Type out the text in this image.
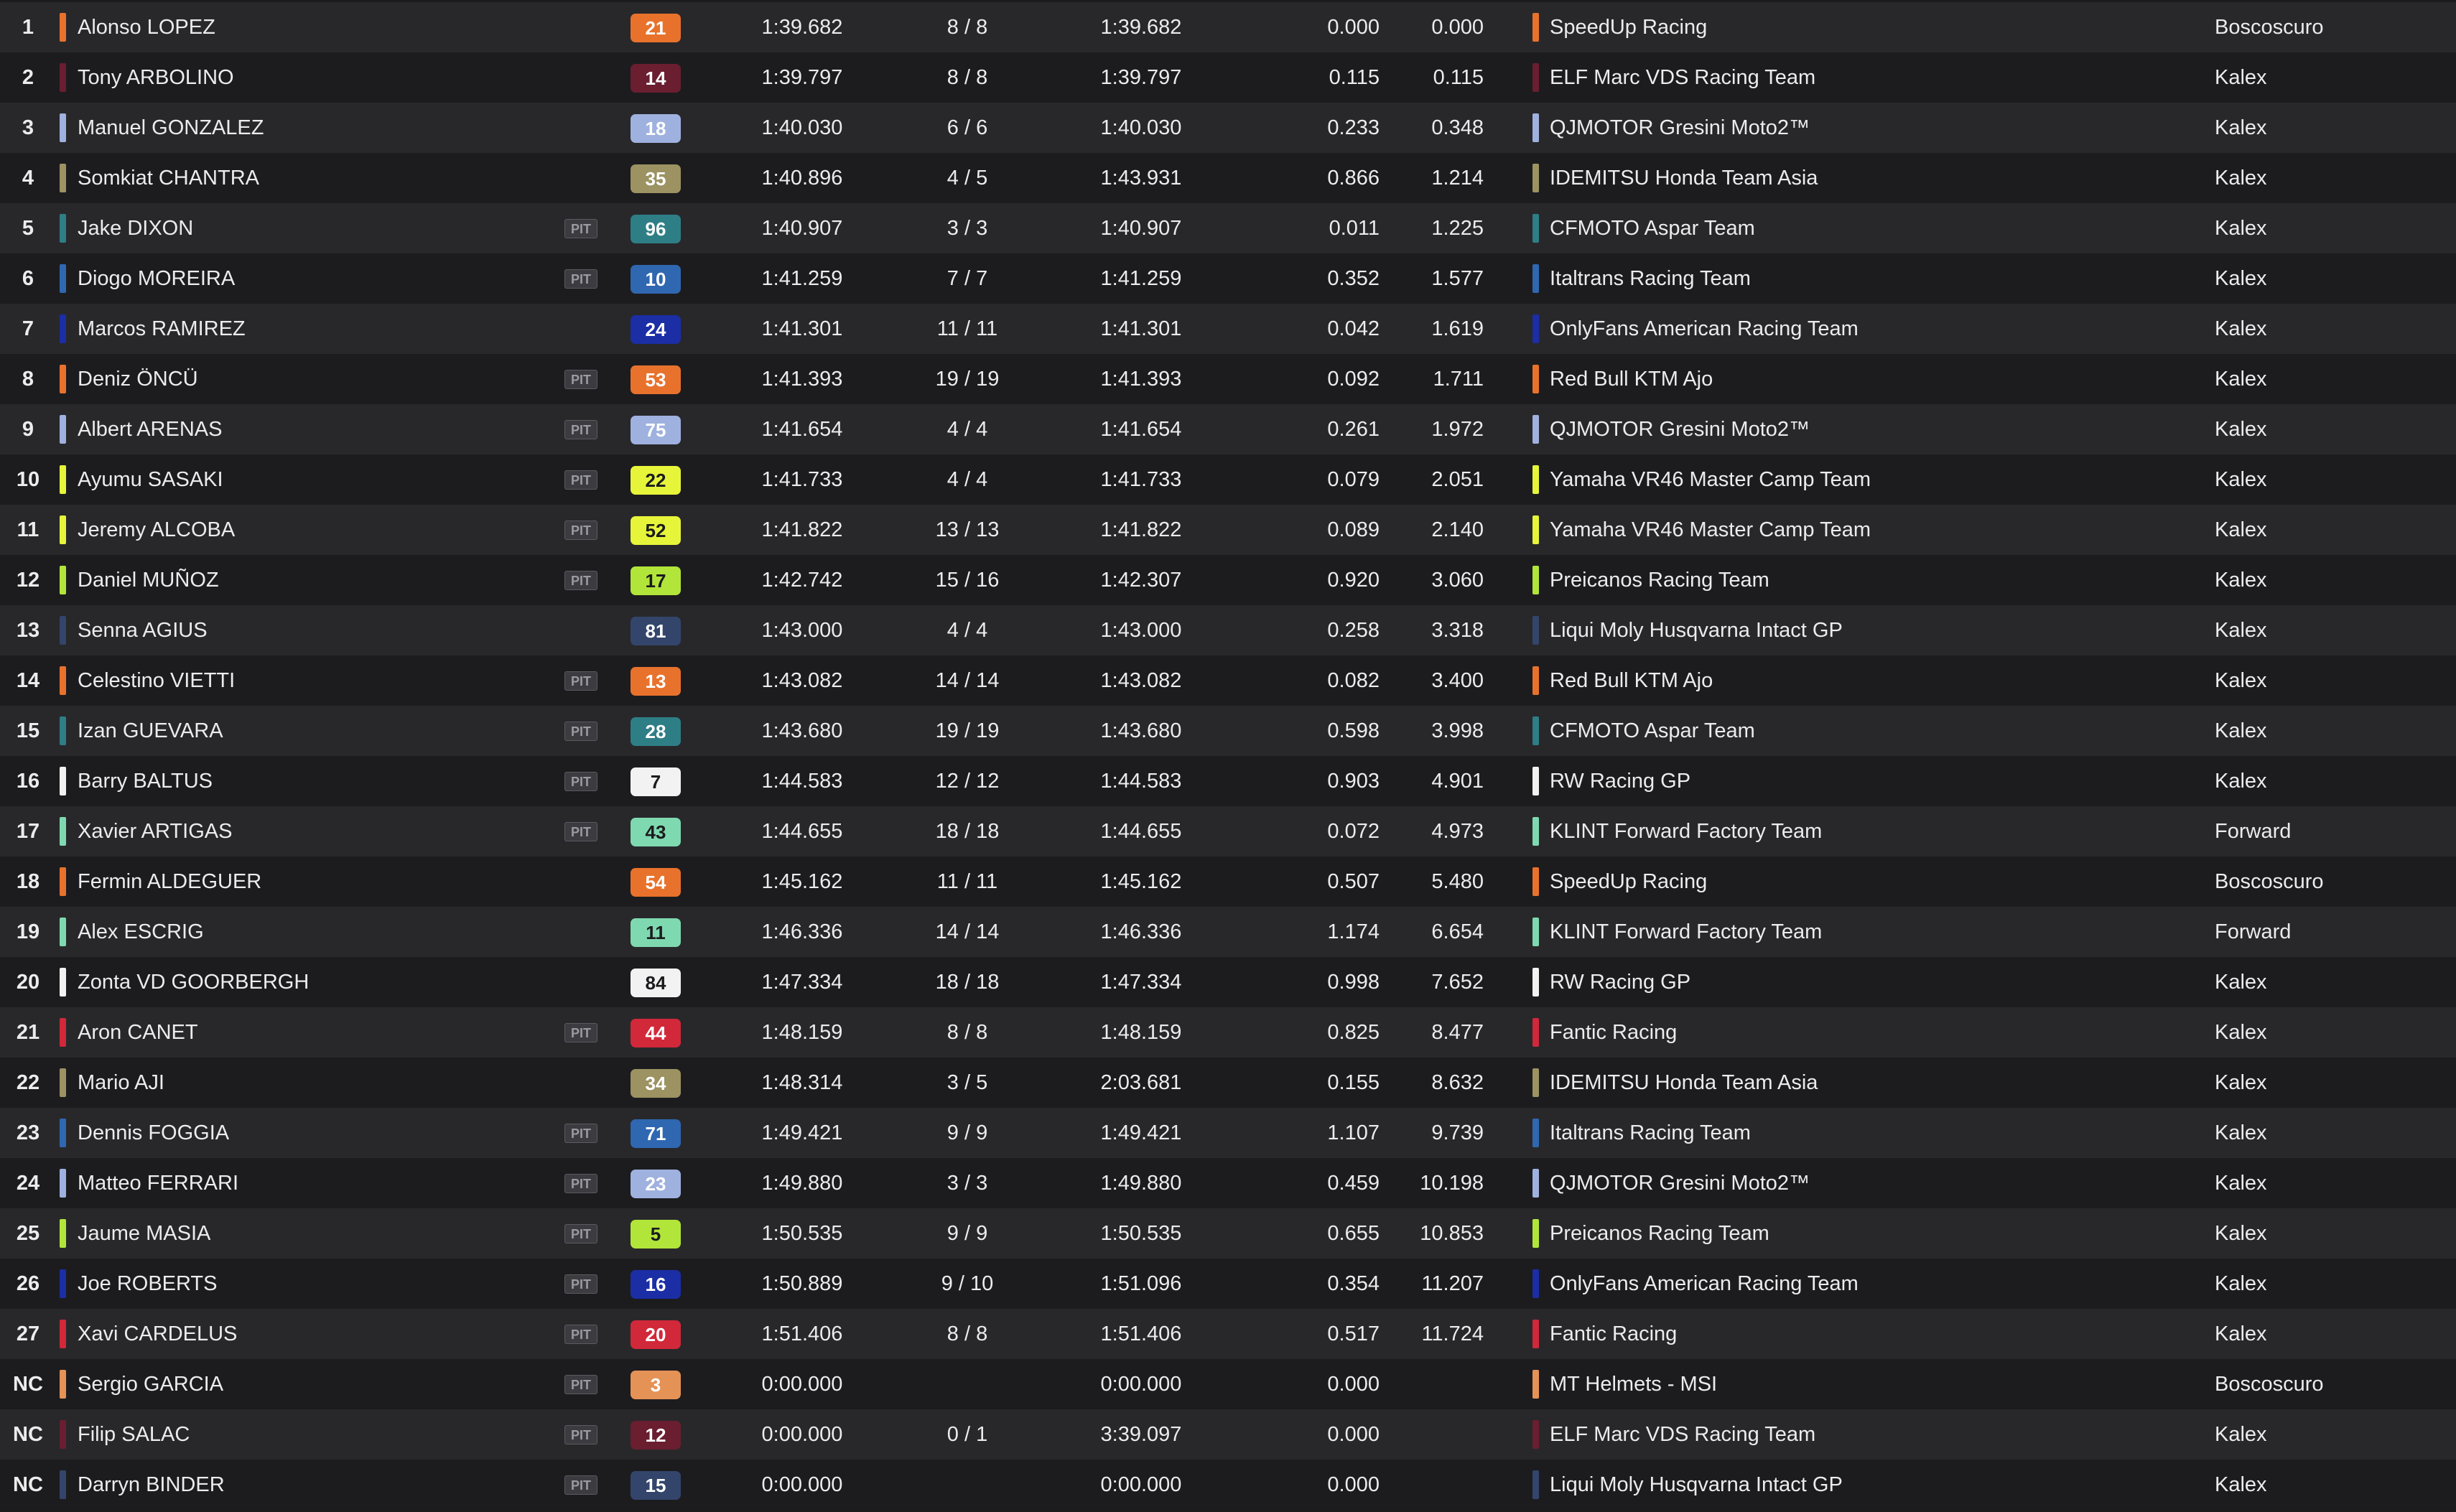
1	Alonso LOPEZ	21	1:39.682	8 / 8	1:39.682	0.000	0.000	SpeedUp Racing	Boscoscuro
2	Tony ARBOLINO	14	1:39.797	8 / 8	1:39.797	0.115	0.115	ELF Marc VDS Racing Team	Kalex
3	Manuel GONZALEZ	18	1:40.030	6 / 6	1:40.030	0.233	0.348	QJMOTOR Gresini Moto2™	Kalex
4	Somkiat CHANTRA	35	1:40.896	4 / 5	1:43.931	0.866	1.214	IDEMITSU Honda Team Asia	Kalex
5	Jake DIXON	PIT	96	1:40.907	3 / 3	1:40.907	0.011	1.225	CFMOTO Aspar Team	Kalex
6	Diogo MOREIRA	PIT	10	1:41.259	7 / 7	1:41.259	0.352	1.577	Italtrans Racing Team	Kalex
7	Marcos RAMIREZ	24	1:41.301	11 / 11	1:41.301	0.042	1.619	OnlyFans American Racing Team	Kalex
8	Deniz ÖNCÜ	PIT	53	1:41.393	19 / 19	1:41.393	0.092	1.711	Red Bull KTM Ajo	Kalex
9	Albert ARENAS	PIT	75	1:41.654	4 / 4	1:41.654	0.261	1.972	QJMOTOR Gresini Moto2™	Kalex
10	Ayumu SASAKI	PIT	22	1:41.733	4 / 4	1:41.733	0.079	2.051	Yamaha VR46 Master Camp Team	Kalex
11	Jeremy ALCOBA	PIT	52	1:41.822	13 / 13	1:41.822	0.089	2.140	Yamaha VR46 Master Camp Team	Kalex
12	Daniel MUÑOZ	PIT	17	1:42.742	15 / 16	1:42.307	0.920	3.060	Preicanos Racing Team	Kalex
13	Senna AGIUS	81	1:43.000	4 / 4	1:43.000	0.258	3.318	Liqui Moly Husqvarna Intact GP	Kalex
14	Celestino VIETTI	PIT	13	1:43.082	14 / 14	1:43.082	0.082	3.400	Red Bull KTM Ajo	Kalex
15	Izan GUEVARA	PIT	28	1:43.680	19 / 19	1:43.680	0.598	3.998	CFMOTO Aspar Team	Kalex
16	Barry BALTUS	PIT	7	1:44.583	12 / 12	1:44.583	0.903	4.901	RW Racing GP	Kalex
17	Xavier ARTIGAS	PIT	43	1:44.655	18 / 18	1:44.655	0.072	4.973	KLINT Forward Factory Team	Forward
18	Fermin ALDEGUER	54	1:45.162	11 / 11	1:45.162	0.507	5.480	SpeedUp Racing	Boscoscuro
19	Alex ESCRIG	11	1:46.336	14 / 14	1:46.336	1.174	6.654	KLINT Forward Factory Team	Forward
20	Zonta VD GOORBERGH	84	1:47.334	18 / 18	1:47.334	0.998	7.652	RW Racing GP	Kalex
21	Aron CANET	PIT	44	1:48.159	8 / 8	1:48.159	0.825	8.477	Fantic Racing	Kalex
22	Mario AJI	34	1:48.314	3 / 5	2:03.681	0.155	8.632	IDEMITSU Honda Team Asia	Kalex
23	Dennis FOGGIA	PIT	71	1:49.421	9 / 9	1:49.421	1.107	9.739	Italtrans Racing Team	Kalex
24	Matteo FERRARI	PIT	23	1:49.880	3 / 3	1:49.880	0.459	10.198	QJMOTOR Gresini Moto2™	Kalex
25	Jaume MASIA	PIT	5	1:50.535	9 / 9	1:50.535	0.655	10.853	Preicanos Racing Team	Kalex
26	Joe ROBERTS	PIT	16	1:50.889	9 / 10	1:51.096	0.354	11.207	OnlyFans American Racing Team	Kalex
27	Xavi CARDELUS	PIT	20	1:51.406	8 / 8	1:51.406	0.517	11.724	Fantic Racing	Kalex
NC Sergio GARCIA	PIT	3	0:00.000	0:00.000	0.000	MT Helmets - MSI	Boscoscuro
NC Filip SALAC	PIT	12	0:00.000	0 / 1	3:39.097	0.000	ELF Marc VDS Racing Team	Kalex
NC Darryn BINDER	PIT	15	0:00.000	0:00.000	0.000	Liqui Moly Husqvarna Intact GP	Kalex
